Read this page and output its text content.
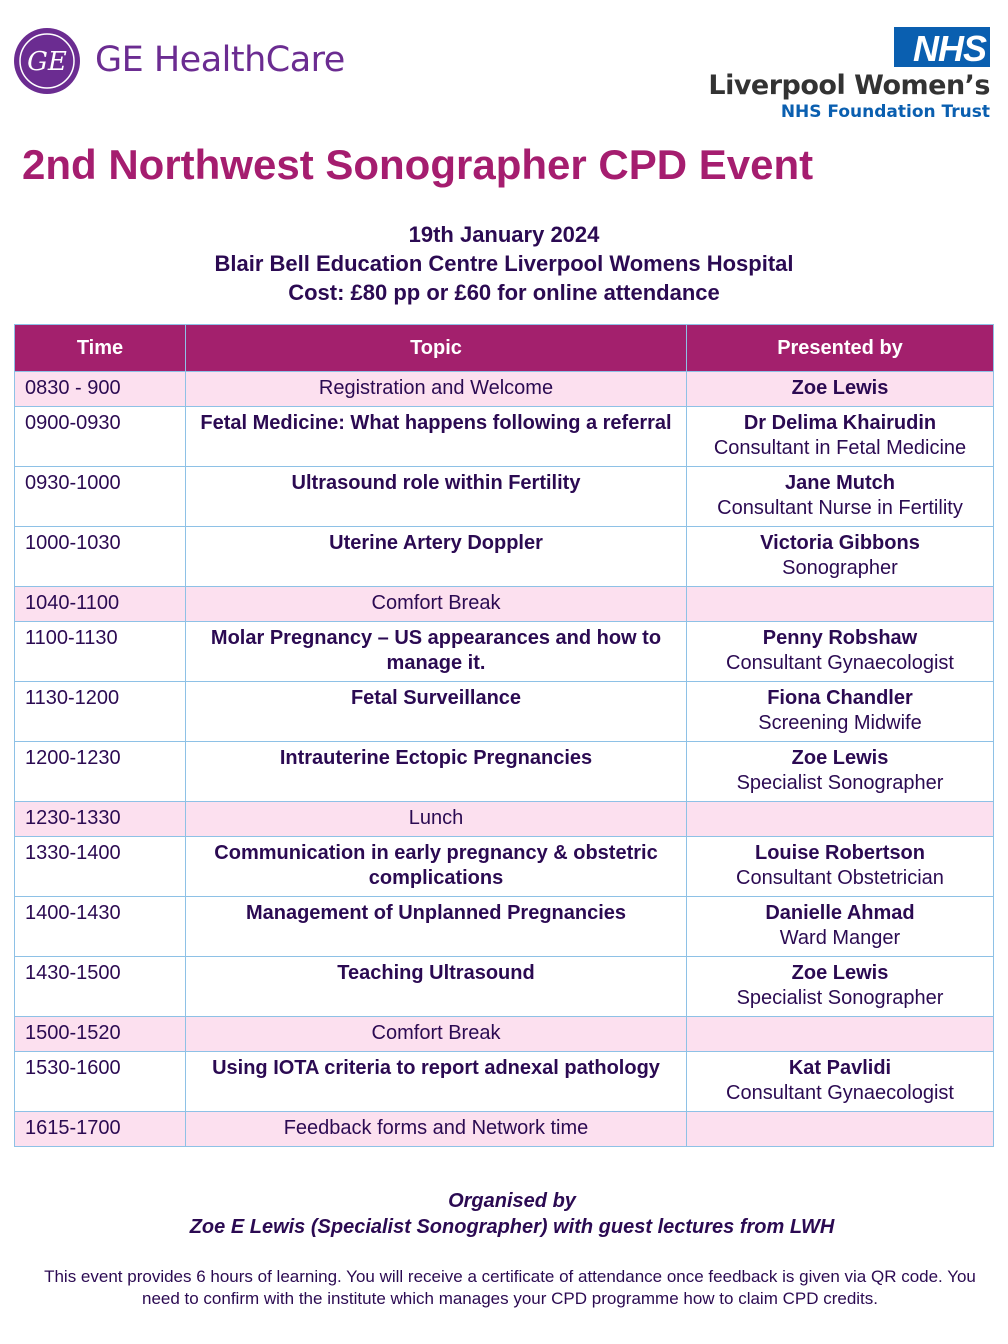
GE GE HealthCare	NHS
Liverpool Women’s
NHS Foundation Trust
2nd Northwest Sonographer CPD Event
19th January 2024
Blair Bell Education Centre Liverpool Womens Hospital
Cost: £80 pp or £60 for online attendance
Time	Topic	Presented by
0830 - 900	Registration and Welcome	Zoe Lewis

0900-0930	Fetal Medicine: What happens following a referral	Dr Delima Khairudin
Consultant in Fetal Medicine

0930-1000	Ultrasound role within Fertility	Jane Mutch
Consultant Nurse in Fertility

1000-1030	Uterine Artery Doppler	Victoria Gibbons
Sonographer

1040-1100	Comfort Break	

1100-1130	Molar Pregnancy – US appearances and how to manage it.	Penny Robshaw
Consultant Gynaecologist

1130-1200	Fetal Surveillance	Fiona Chandler
Screening Midwife

1200-1230	Intrauterine Ectopic Pregnancies	Zoe Lewis
Specialist Sonographer

1230-1330	Lunch	

1330-1400	Communication in early pregnancy & obstetric complications	Louise Robertson
Consultant Obstetrician

1400-1430	Management of Unplanned Pregnancies	Danielle Ahmad
Ward Manger

1430-1500	Teaching Ultrasound	Zoe Lewis
Specialist Sonographer

1500-1520	Comfort Break	

1530-1600	Using IOTA criteria to report adnexal pathology	Kat Pavlidi
Consultant Gynaecologist

1615-1700	Feedback forms and Network time	
Organised by
Zoe E Lewis (Specialist Sonographer) with guest lectures from LWH
This event provides 6 hours of learning. You will receive a certificate of attendance once feedback is given via QR code. You need to confirm with the institute which manages your CPD programme how to claim CPD credits.
